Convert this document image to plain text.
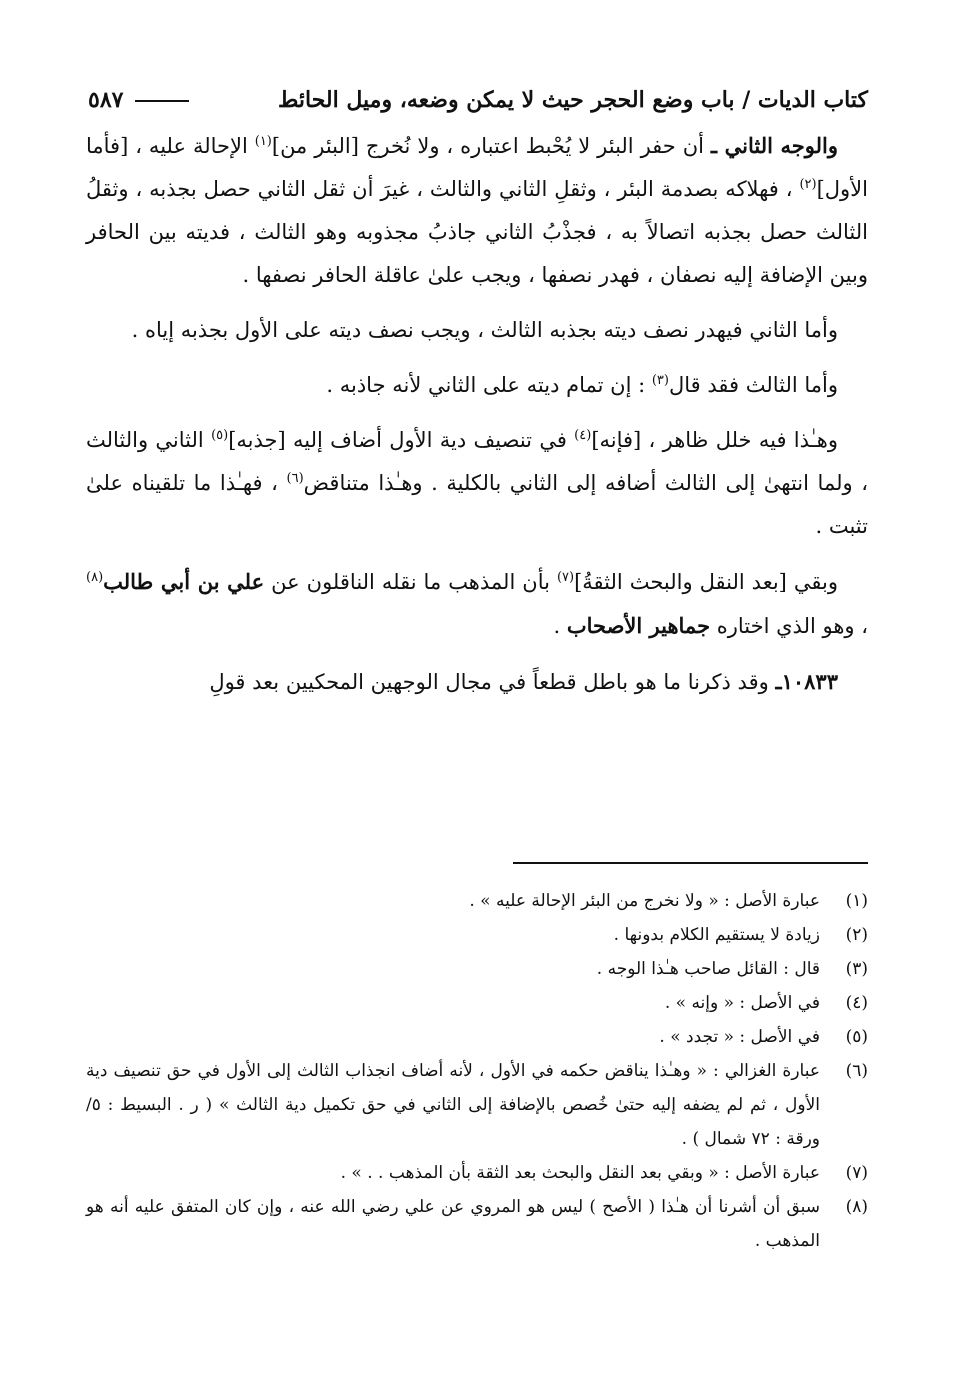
كتاب الديات / باب وضع الحجر حيث لا يمكن وضعه، وميل الحائط
٥٨٧

والوجه الثاني ـ أن حفر البئر لا يُحْبط اعتباره ، ولا نُخرج [البئر من]$^{(١)}$ الإحالة عليه ، [فأما الأول]$^{(٢)}$ ، فهلاكه بصدمة البئر ، وثقلِ الثاني والثالث ، غيرَ أن ثقل الثاني حصل بجذبه ، وثقلُ الثالث حصل بجذبه اتصالاً به ، فجذْبُ الثاني جاذبُ مجذوبه وهو الثالث ، فديته بين الحافر وبين الإضافة إليه نصفان ، فهدر نصفها ، ويجب علىٰ عاقلة الحافر نصفها .

وأما الثاني فيهدر نصف ديته بجذبه الثالث ، ويجب نصف ديته على الأول بجذبه إياه .

وأما الثالث فقد قال$^{(٣)}$ : إن تمام ديته على الثاني لأنه جاذبه .

وهـٰذا فيه خلل ظاهر ، [فإنه]$^{(٤)}$ في تنصيف دية الأول أضاف إليه [جذبه]$^{(٥)}$ الثاني والثالث ، ولما انتهىٰ إلى الثالث أضافه إلى الثاني بالكلية . وهـٰذا متناقض$^{(٦)}$ ، فهـٰذا ما تلقيناه علىٰ تثبت .

وبقي [بعد النقل والبحث الثقةُ]$^{(٧)}$ بأن المذهب ما نقله الناقلون عن علي بن أبي طالب$^{(٨)}$ ، وهو الذي اختاره جماهير الأصحاب .

١٠٨٣٣ـ وقد ذكرنا ما هو باطل قطعاً في مجال الوجهين المحكيين بعد قولِ

(١)
عبارة الأصل : « ولا نخرج من البئر الإحالة عليه » .
(٢)
زيادة لا يستقيم الكلام بدونها .
(٣)
قال : القائل صاحب هـٰذا الوجه .
(٤)
في الأصل : « وإنه » .
(٥)
في الأصل : « تجدد » .
(٦)
عبارة الغزالي : « وهـٰذا يناقض حكمه في الأول ، لأنه أضاف انجذاب الثالث إلى الأول في حق تنصيف دية الأول ، ثم لم يضفه إليه حتىٰ خُصص بالإضافة إلى الثاني في حق تكميل دية الثالث » ( ر . البسيط : ٥/ ورقة : ٧٢ شمال ) .
(٧)
عبارة الأصل : « وبقي بعد النقل والبحث بعد الثقة بأن المذهب . . » .
(٨)
سبق أن أشرنا أن هـٰذا ( الأصح ) ليس هو المروي عن علي رضي الله عنه ، وإن كان المتفق عليه أنه هو المذهب .
